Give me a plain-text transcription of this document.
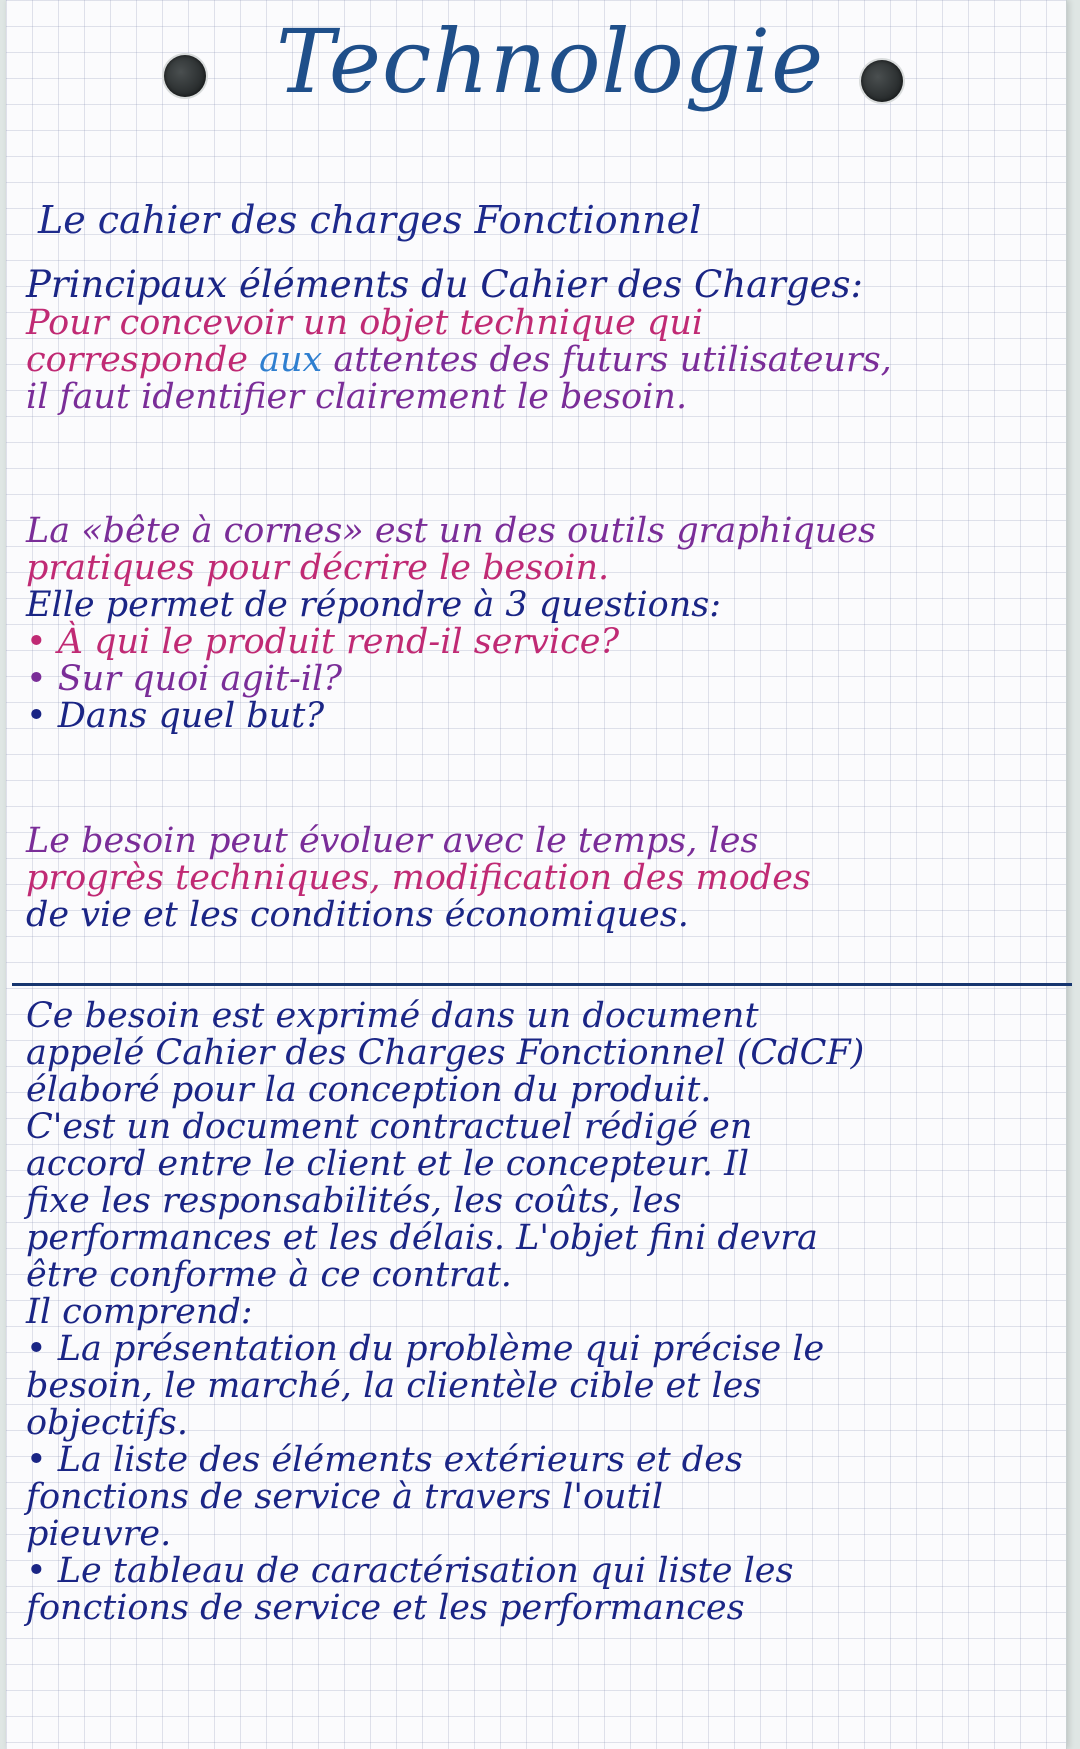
Technologie
Le cahier des charges Fonctionnel
Principaux éléments du Cahier des Charges:
Pour concevoir un objet technique qui
corresponde aux attentes des futurs utilisateurs,
il faut identifier clairement le besoin.
La «bête à cornes» est un des outils graphiques
pratiques pour décrire le besoin.
Elle permet de répondre à 3 questions:
• À qui le produit rend-il service?
• Sur quoi agit-il?
• Dans quel but?
Le besoin peut évoluer avec le temps, les
progrès techniques, modification des modes
de vie et les conditions économiques.
Ce besoin est exprimé dans un document
appelé Cahier des Charges Fonctionnel (CdCF)
élaboré pour la conception du produit.
C'est un document contractuel rédigé en
accord entre le client et le concepteur. Il
fixe les responsabilités, les coûts, les
performances et les délais. L'objet fini devra
être conforme à ce contrat.
Il comprend:
• La présentation du problème qui précise le
besoin, le marché, la clientèle cible et les
objectifs.
• La liste des éléments extérieurs et des
fonctions de service à travers l'outil
pieuvre.
• Le tableau de caractérisation qui liste les
fonctions de service et les performances
